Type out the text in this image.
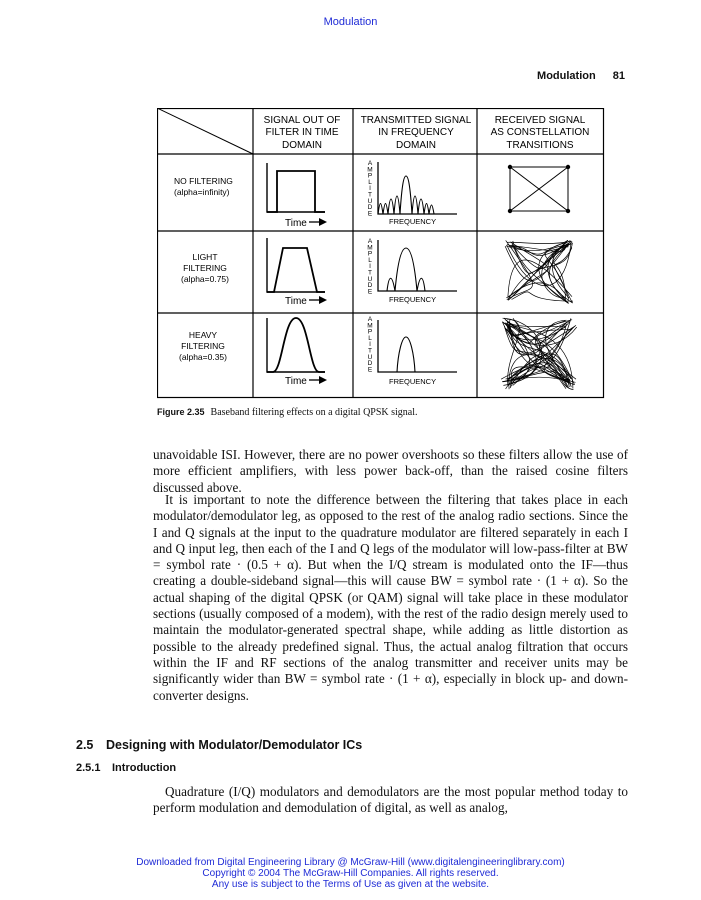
Modulation
Modulation 81
SIGNAL OUT OF
FILTER IN TIME
DOMAIN
TRANSMITTED SIGNAL
IN FREQUENCY
DOMAIN
RECEIVED SIGNAL
AS CONSTELLATION
TRANSITIONS
NO FILTERING
(alpha=infinity)
LIGHT
FILTERING
(alpha=0.75)
HEAVY
FILTERING
(alpha=0.35)
Time
Time
Time
A
M
P
L
I
T
U
D
E
A
M
P
L
I
T
U
D
E
A
M
P
L
I
T
U
D
E
FREQUENCY
FREQUENCY
FREQUENCY
Figure 2.35 Baseband filtering effects on a digital QPSK signal.

unavoidable ISI. However, there are no power overshoots so these filters allow the use of more efficient amplifiers, with less power back-off, than the raised cosine filters discussed above.

It is important to note the difference between the filtering that takes place in each modulator/demodulator leg, as opposed to the rest of the analog radio sections. Since the I and Q signals at the input to the quadrature modulator are filtered separately in each I and Q input leg, then each of the I and Q legs of the modulator will low-pass-filter at BW = symbol rate · (0.5 + α). But when the I/Q stream is modulated onto the IF—thus creating a double-sideband signal—this will cause BW = symbol rate · (1 + α). So the actual shaping of the digital QPSK (or QAM) signal will take place in these modulator sections (usually composed of a modem), with the rest of the radio design merely used to maintain the modulator-generated spectral shape, while adding as little distortion as possible to the already predefined signal. Thus, the actual analog filtration that occurs within the IF and RF sections of the analog transmitter and receiver units may be significantly wider than BW = symbol rate · (1 + α), especially in block up- and down-converter designs.

2.5 Designing with Modulator/Demodulator ICs
2.5.1 Introduction

Quadrature (I/Q) modulators and demodulators are the most popular method today to perform modulation and demodulation of digital, as well as analog,

Downloaded from Digital Engineering Library @ McGraw-Hill (www.digitalengineeringlibrary.com)
Copyright © 2004 The McGraw-Hill Companies. All rights reserved.
Any use is subject to the Terms of Use as given at the website.
